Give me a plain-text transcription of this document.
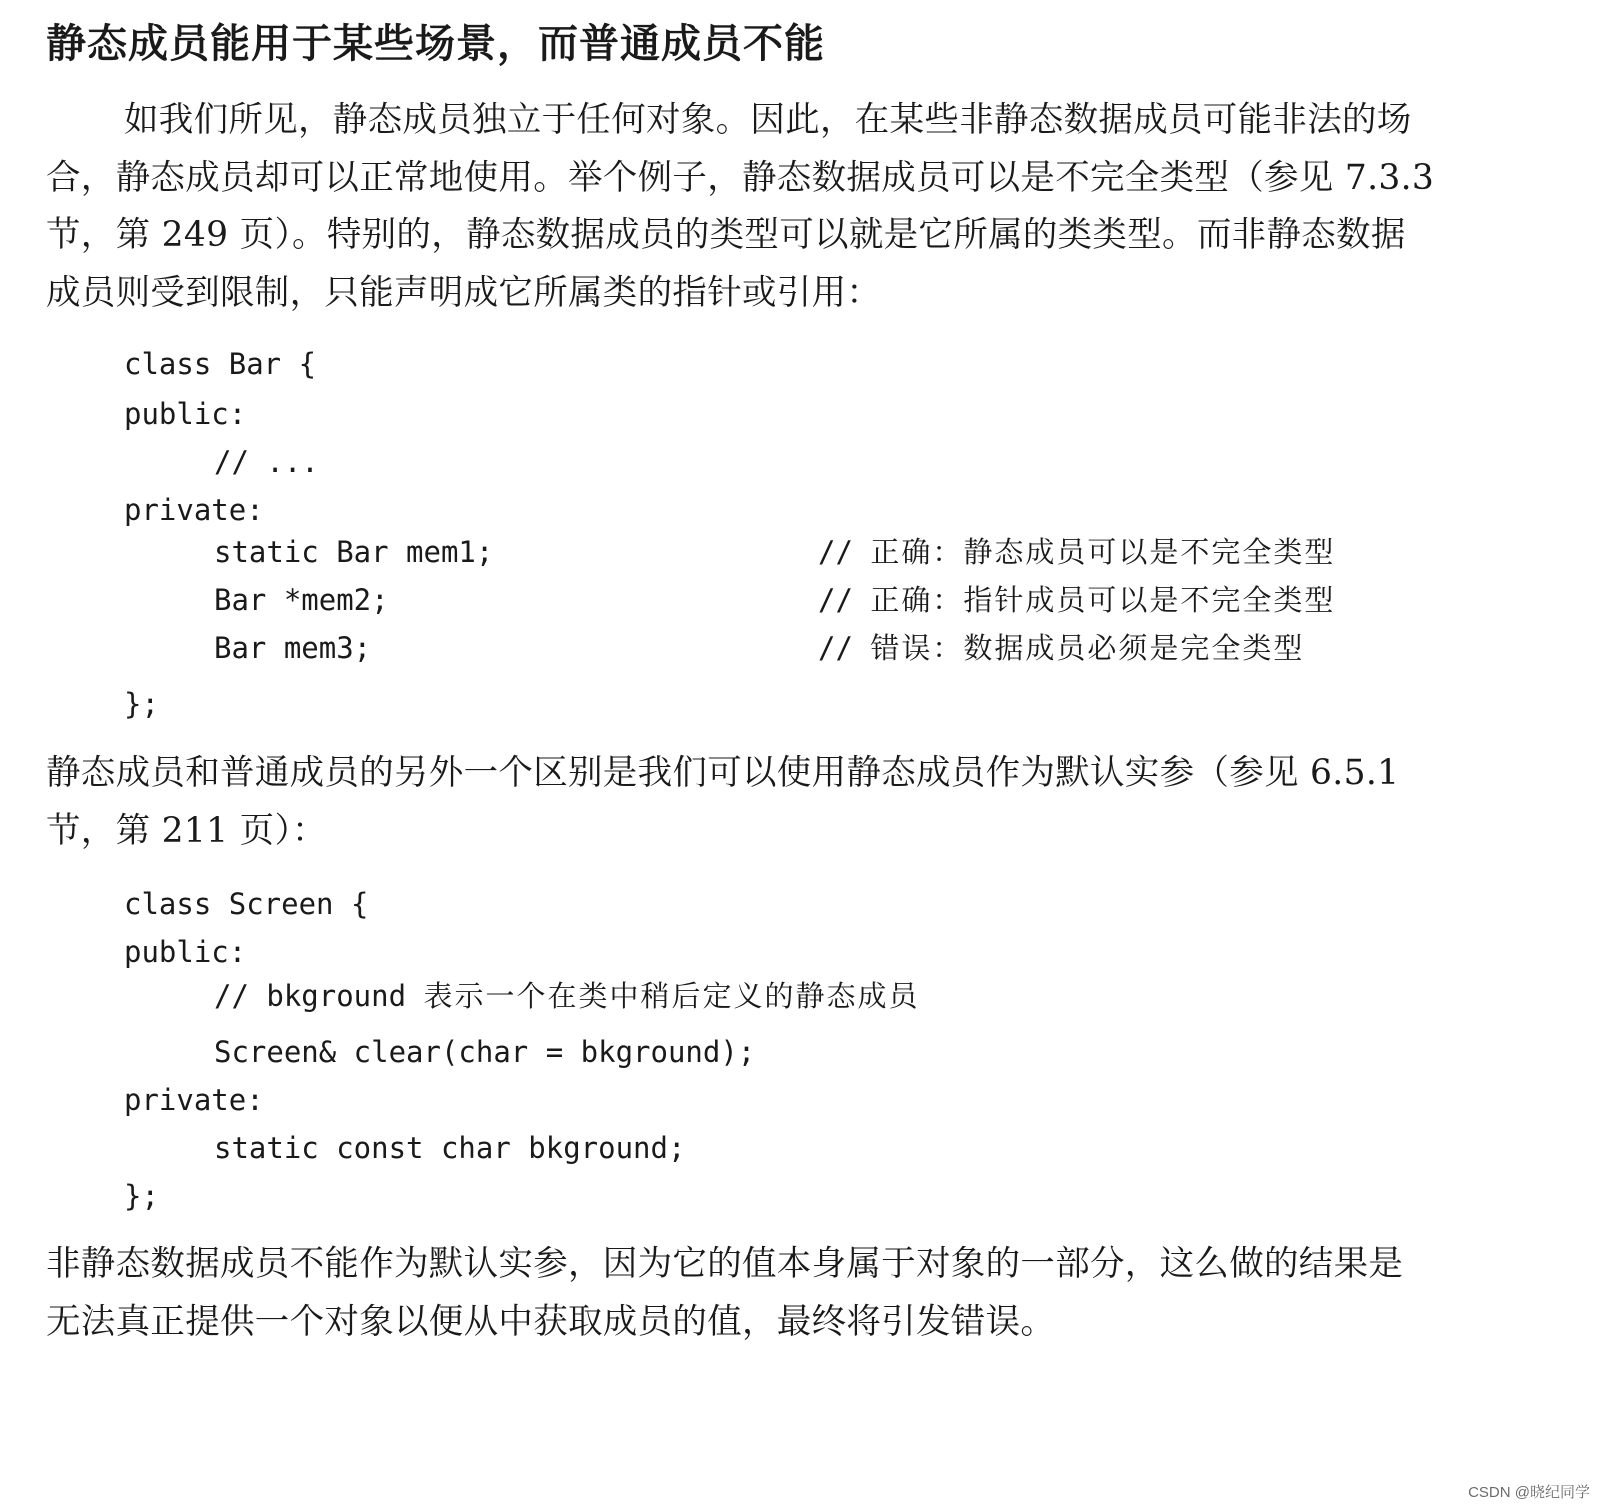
静态成员能用于某些场景，而普通成员不能
如我们所见，静态成员独立于任何对象。因此，在某些非静态数据成员可能非法的场
合，静态成员却可以正常地使用。举个例子，静态数据成员可以是不完全类型（参见 7.3.3
节，第 249 页）。特别的，静态数据成员的类型可以就是它所属的类类型。而非静态数据
成员则受到限制，只能声明成它所属类的指针或引用：
class Bar {
public:
// ...
private:
static Bar mem1;
Bar *mem2;
Bar mem3;
};
// 正确：静态成员可以是不完全类型
// 正确：指针成员可以是不完全类型
// 错误：数据成员必须是完全类型
静态成员和普通成员的另外一个区别是我们可以使用静态成员作为默认实参（参见 6.5.1
节，第 211 页）：
class Screen {
public:
// bkground 表示一个在类中稍后定义的静态成员
Screen& clear(char = bkground);
private:
static const char bkground;
};
非静态数据成员不能作为默认实参，因为它的值本身属于对象的一部分，这么做的结果是
无法真正提供一个对象以便从中获取成员的值，最终将引发错误。
CSDN @晓纪同学
